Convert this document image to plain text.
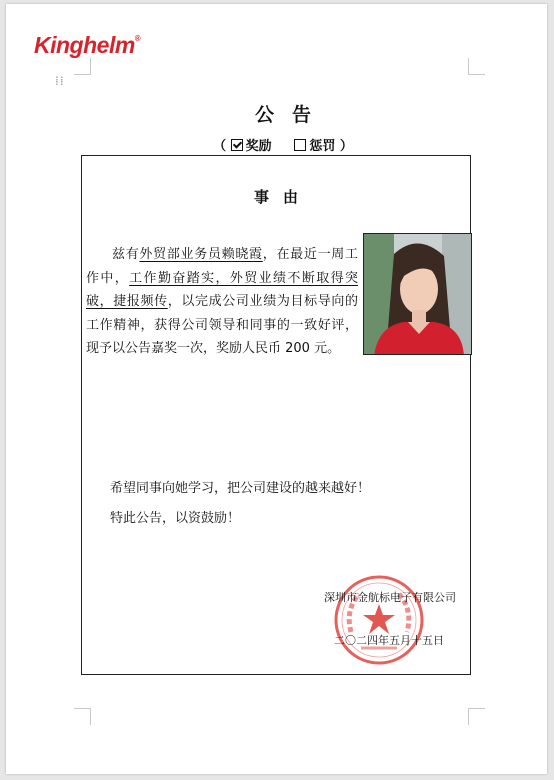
Kinghelm®
⁞⁞
公告
（ 奖励	惩罚 ）
事由

兹有外贸部业务员赖晓霞，在最近一周工作中，工作勤奋踏实，外贸业绩不断取得突破，捷报频传，以完成公司业绩为目标导向的工作精神，获得公司领导和同事的一致好评，现予以公告嘉奖一次，奖励人民币 200 元。

希望同事向她学习，把公司建设的越来越好！

特此公告，以资鼓励！

深圳市金航标电子有限公司
二〇二四年五月十五日
